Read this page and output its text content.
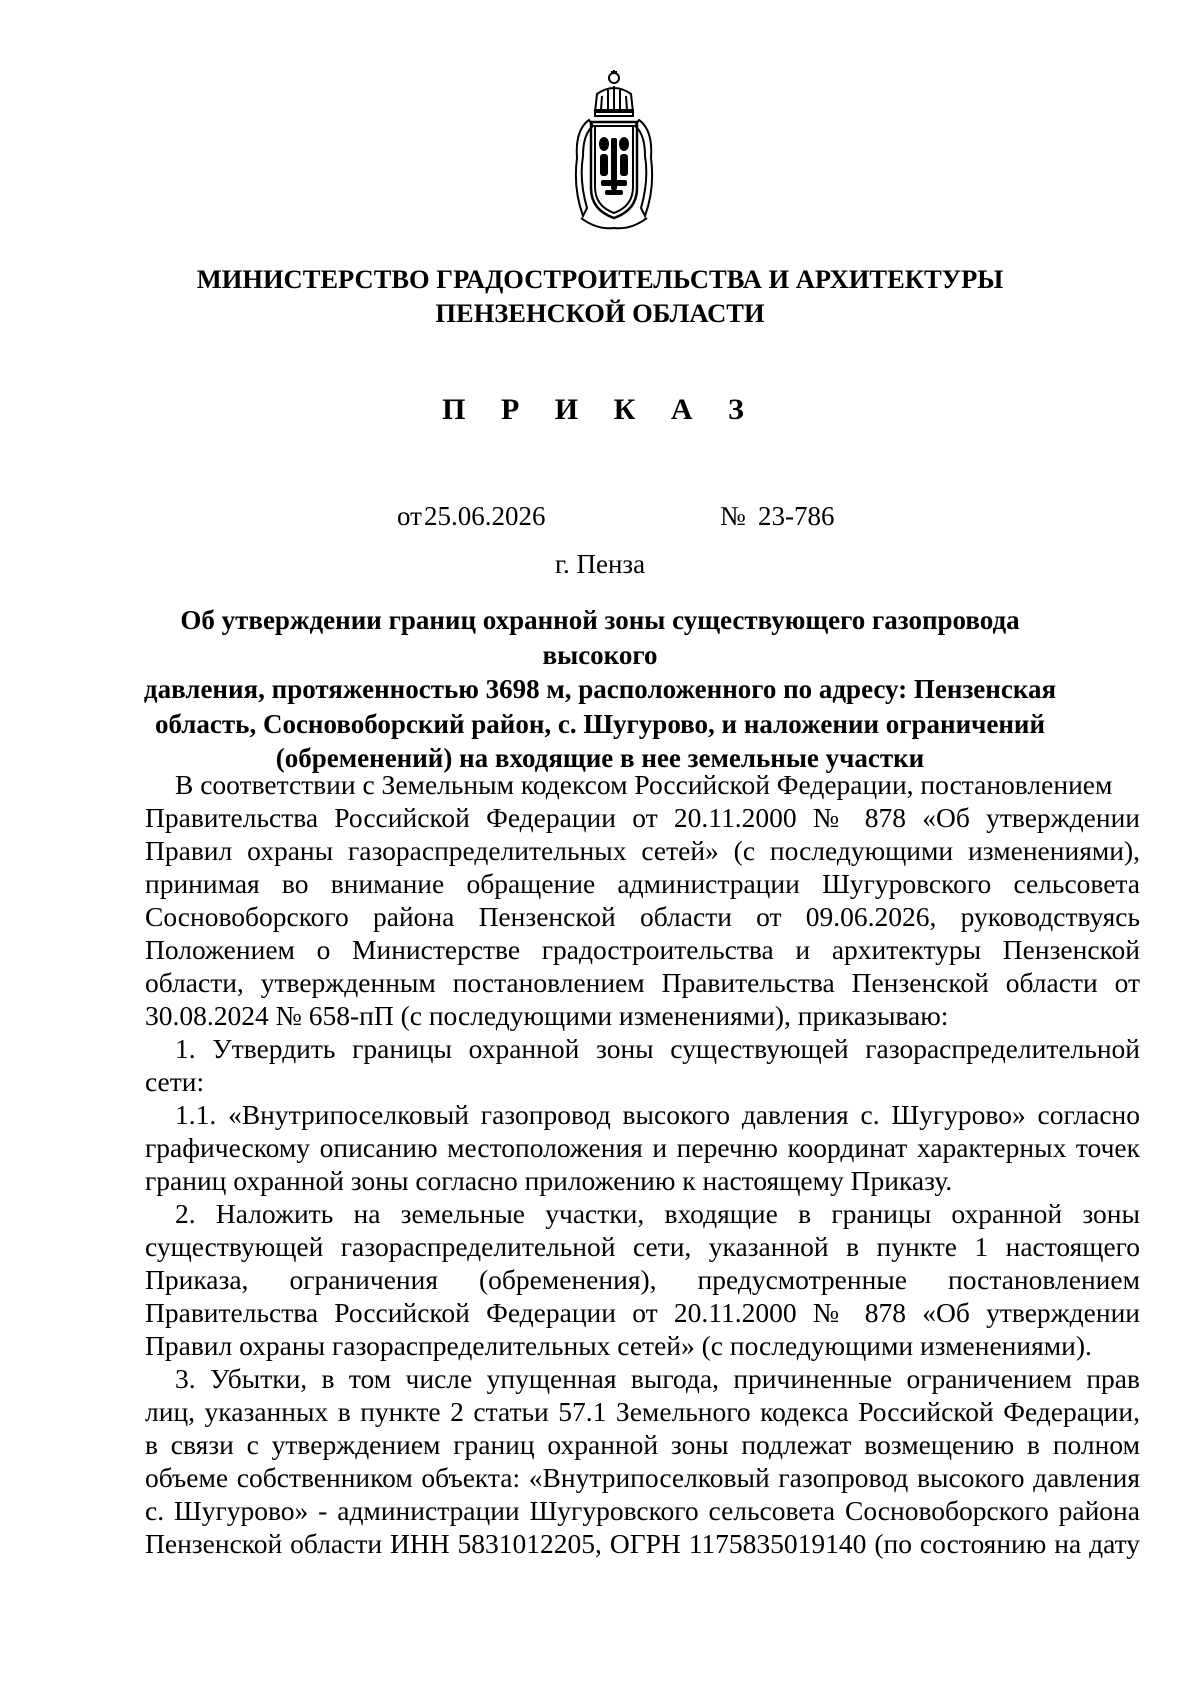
МИНИСТЕРСТВО ГРАДОСТРОИТЕЛЬСТВА И АРХИТЕКТУРЫ
ПЕНЗЕНСКОЙ ОБЛАСТИ
П Р И К А З
от 25.06.2026	№ 23-786
г. Пенза
Об утверждении границ охранной зоны существующего газопровода высокого
давления, протяженностью 3698 м, расположенного по адресу: Пензенская
область, Сосновоборский район, с. Шугурово, и наложении ограничений
(обременений) на входящие в нее земельные участки
В соответствии с Земельным кодексом Российской Федерации, постановлением
Правительства Российской Федерации от 20.11.2000 № 878 «Об утверждении
Правил охраны газораспределительных сетей» (с последующими изменениями),
принимая во внимание обращение администрации Шугуровского сельсовета
Сосновоборского района Пензенской области от 09.06.2026, руководствуясь
Положением о Министерстве градостроительства и архитектуры Пензенской
области, утвержденным постановлением Правительства Пензенской области от
30.08.2024 № 658-пП (с последующими изменениями), приказываю:
1. Утвердить границы охранной зоны существующей газораспределительной
сети:
1.1. «Внутрипоселковый газопровод высокого давления с. Шугурово» согласно
графическому описанию местоположения и перечню координат характерных точек
границ охранной зоны согласно приложению к настоящему Приказу.
2. Наложить на земельные участки, входящие в границы охранной зоны
существующей газораспределительной сети, указанной в пункте 1 настоящего
Приказа, ограничения (обременения), предусмотренные постановлением
Правительства Российской Федерации от 20.11.2000 № 878 «Об утверждении
Правил охраны газораспределительных сетей» (с последующими изменениями).
3. Убытки, в том числе упущенная выгода, причиненные ограничением прав
лиц, указанных в пункте 2 статьи 57.1 Земельного кодекса Российской Федерации,
в связи с утверждением границ охранной зоны подлежат возмещению в полном
объеме собственником объекта: «Внутрипоселковый газопровод высокого давления
с. Шугурово» - администрации Шугуровского сельсовета Сосновоборского района
Пензенской области ИНН 5831012205, ОГРН 1175835019140 (по состоянию на дату
